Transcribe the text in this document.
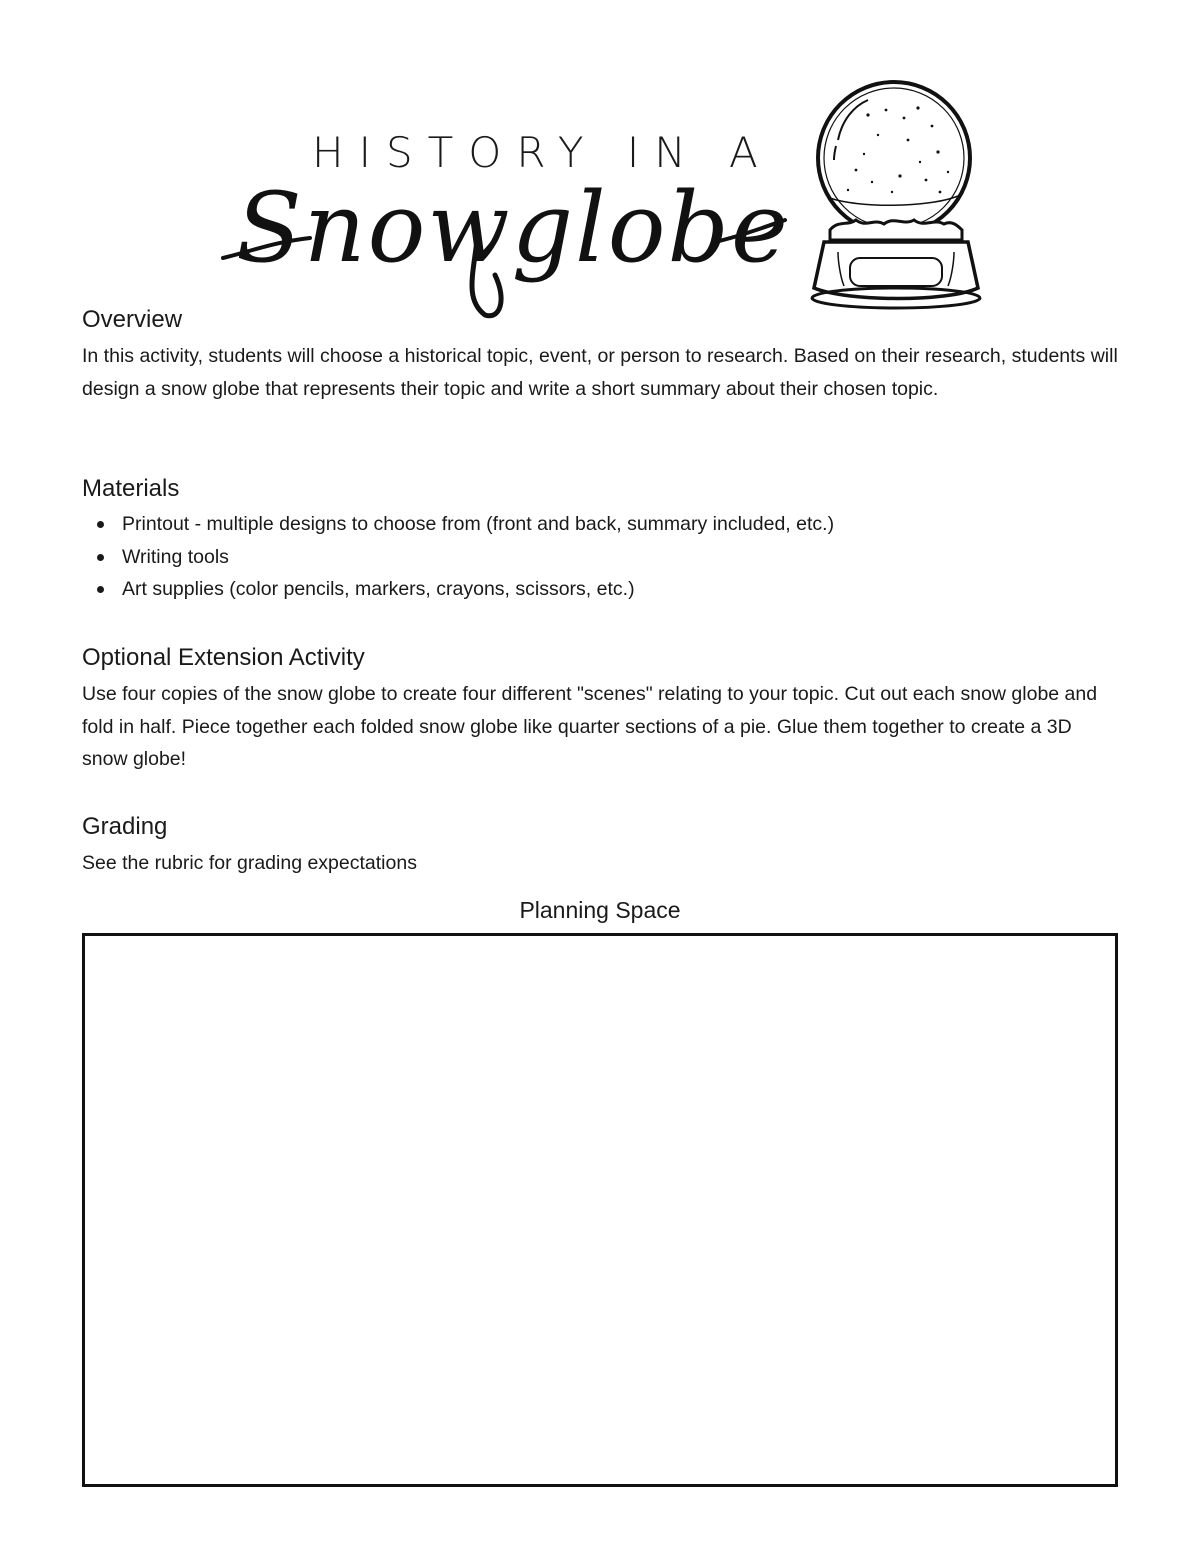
HISTORY IN A
Snowglobe
Overview

In this activity, students will choose a historical topic, event, or person to research. Based on their research, students will design a snow globe that represents their topic and write a short summary about their chosen topic.

Materials
Printout - multiple designs to choose from (front and back, summary included, etc.)
Writing tools
Art supplies (color pencils, markers, crayons, scissors, etc.)
Optional Extension Activity

Use four copies of the snow globe to create four different "scenes" relating to your topic. Cut out each snow globe and fold in half. Piece together each folded snow globe like quarter sections of a pie. Glue them together to create a 3D snow globe!

Grading

See the rubric for grading expectations

Planning Space
